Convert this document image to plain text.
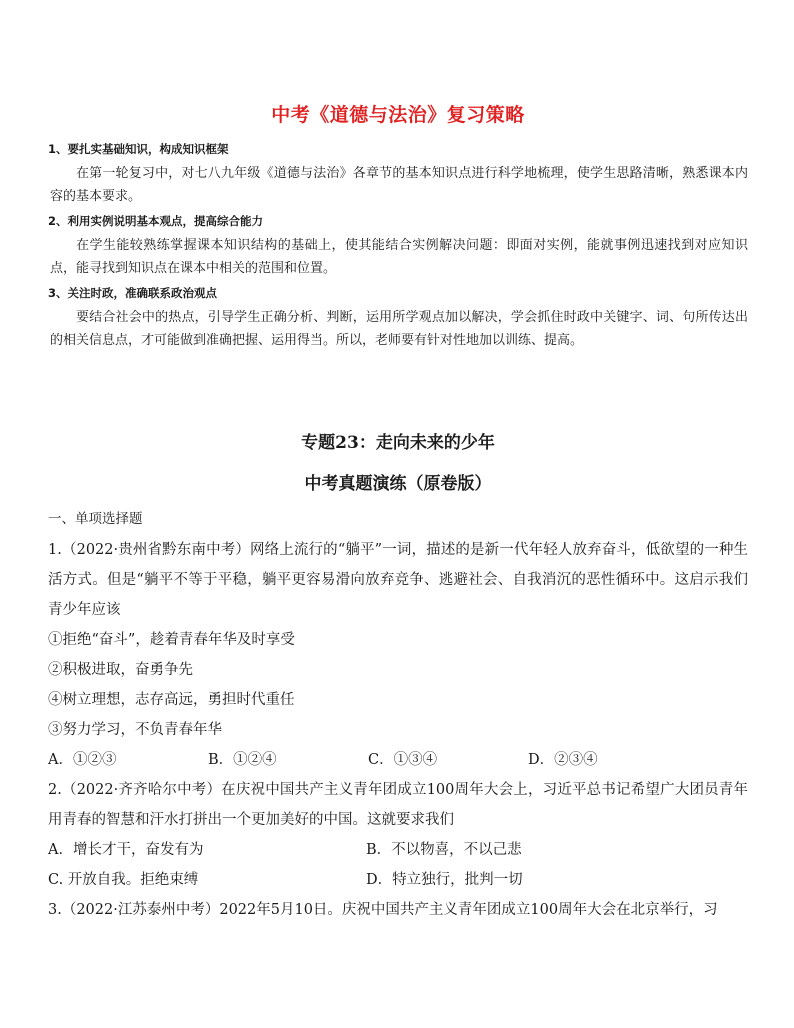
中考《道德与法治》复习策略

1、要扎实基础知识，构成知识框架

在第一轮复习中，对七八九年级《道德与法治》各章节的基本知识点进行科学地梳理，使学生思路清晰，熟悉课本内容的基本要求。

2、利用实例说明基本观点，提高综合能力

在学生能较熟练掌握课本知识结构的基础上，使其能结合实例解决问题：即面对实例，能就事例迅速找到对应知识点，能寻找到知识点在课本中相关的范围和位置。

3、关注时政，准确联系政治观点

要结合社会中的热点，引导学生正确分析、判断，运用所学观点加以解决，学会抓住时政中关键字、词、句所传达出的相关信息点，才可能做到准确把握、运用得当。所以，老师要有针对性地加以训练、提高。

专题23：走向未来的少年
中考真题演练（原卷版）

一、单项选择题

1.（2022·贵州省黔东南中考）网络上流行的“躺平”一词，描述的是新一代年轻人放弃奋斗，低欲望的一种生活方式。但是“躺平不等于平稳，躺平更容易滑向放弃竞争、逃避社会、自我消沉的恶性循环中。这启示我们青少年应该

①拒绝“奋斗”，趁着青春年华及时享受

②积极进取，奋勇争先

④树立理想，志存高远，勇担时代重任

③努力学习，不负青春年华

A．①②③	B．①②④	C．①③④	D．②③④

2.（2022·齐齐哈尔中考）在庆祝中国共产主义青年团成立100周年大会上，习近平总书记希望广大团员青年用青春的智慧和汗水打拼出一个更加美好的中国。这就要求我们

A．增长才干，奋发有为	B．不以物喜，不以己悲
C. 开放自我。拒绝束缚	D．特立独行，批判一切

3.（2022·江苏泰州中考）2022年5月10日。庆祝中国共产主义青年团成立100周年大会在北京举行，习
